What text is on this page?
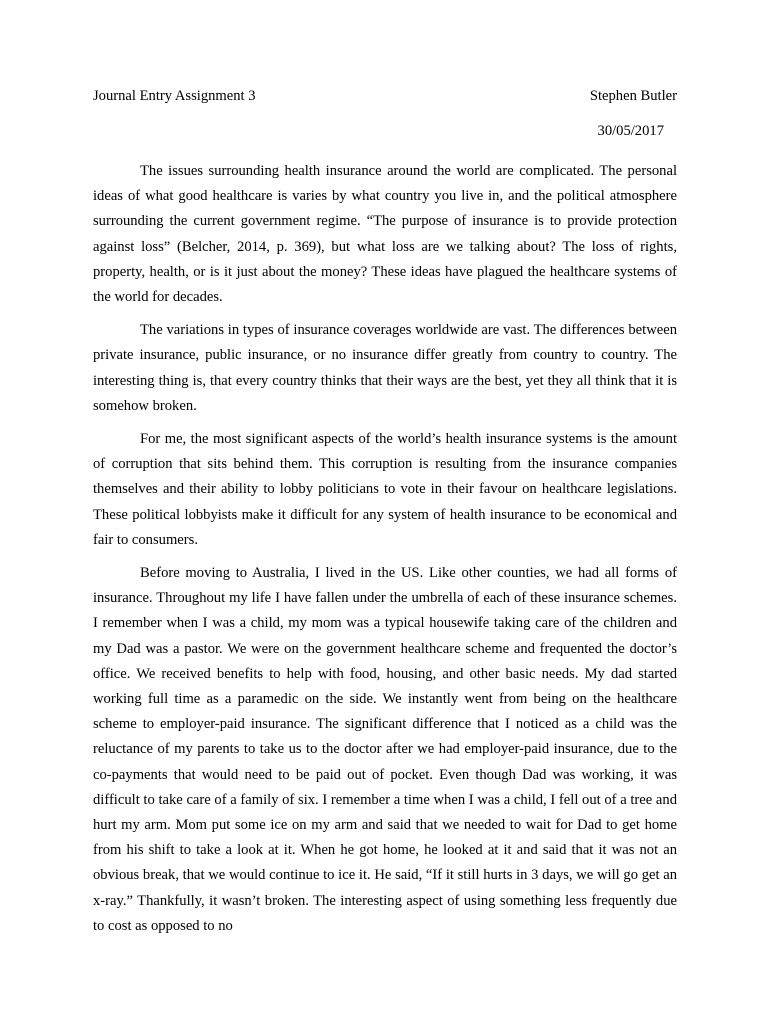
Journal Entry Assignment 3	Stephen Butler
30/05/2017

The issues surrounding health insurance around the world are complicated. The personal ideas of what good healthcare is varies by what country you live in, and the political atmosphere surrounding the current government regime. “The purpose of insurance is to provide protection against loss” (Belcher, 2014, p. 369), but what loss are we talking about? The loss of rights, property, health, or is it just about the money? These ideas have plagued the healthcare systems of the world for decades.

The variations in types of insurance coverages worldwide are vast. The differences between private insurance, public insurance, or no insurance differ greatly from country to country. The interesting thing is, that every country thinks that their ways are the best, yet they all think that it is somehow broken.

For me, the most significant aspects of the world’s health insurance systems is the amount of corruption that sits behind them. This corruption is resulting from the insurance companies themselves and their ability to lobby politicians to vote in their favour on healthcare legislations. These political lobbyists make it difficult for any system of health insurance to be economical and fair to consumers.

Before moving to Australia, I lived in the US. Like other counties, we had all forms of insurance. Throughout my life I have fallen under the umbrella of each of these insurance schemes. I remember when I was a child, my mom was a typical housewife taking care of the children and my Dad was a pastor. We were on the government healthcare scheme and frequented the doctor’s office. We received benefits to help with food, housing, and other basic needs. My dad started working full time as a paramedic on the side. We instantly went from being on the healthcare scheme to employer-paid insurance. The significant difference that I noticed as a child was the reluctance of my parents to take us to the doctor after we had employer-paid insurance, due to the co-payments that would need to be paid out of pocket. Even though Dad was working, it was difficult to take care of a family of six. I remember a time when I was a child, I fell out of a tree and hurt my arm. Mom put some ice on my arm and said that we needed to wait for Dad to get home from his shift to take a look at it. When he got home, he looked at it and said that it was not an obvious break, that we would continue to ice it. He said, “If it still hurts in 3 days, we will go get an x-ray.” Thankfully, it wasn’t broken. The interesting aspect of using something less frequently due to cost as opposed to no
